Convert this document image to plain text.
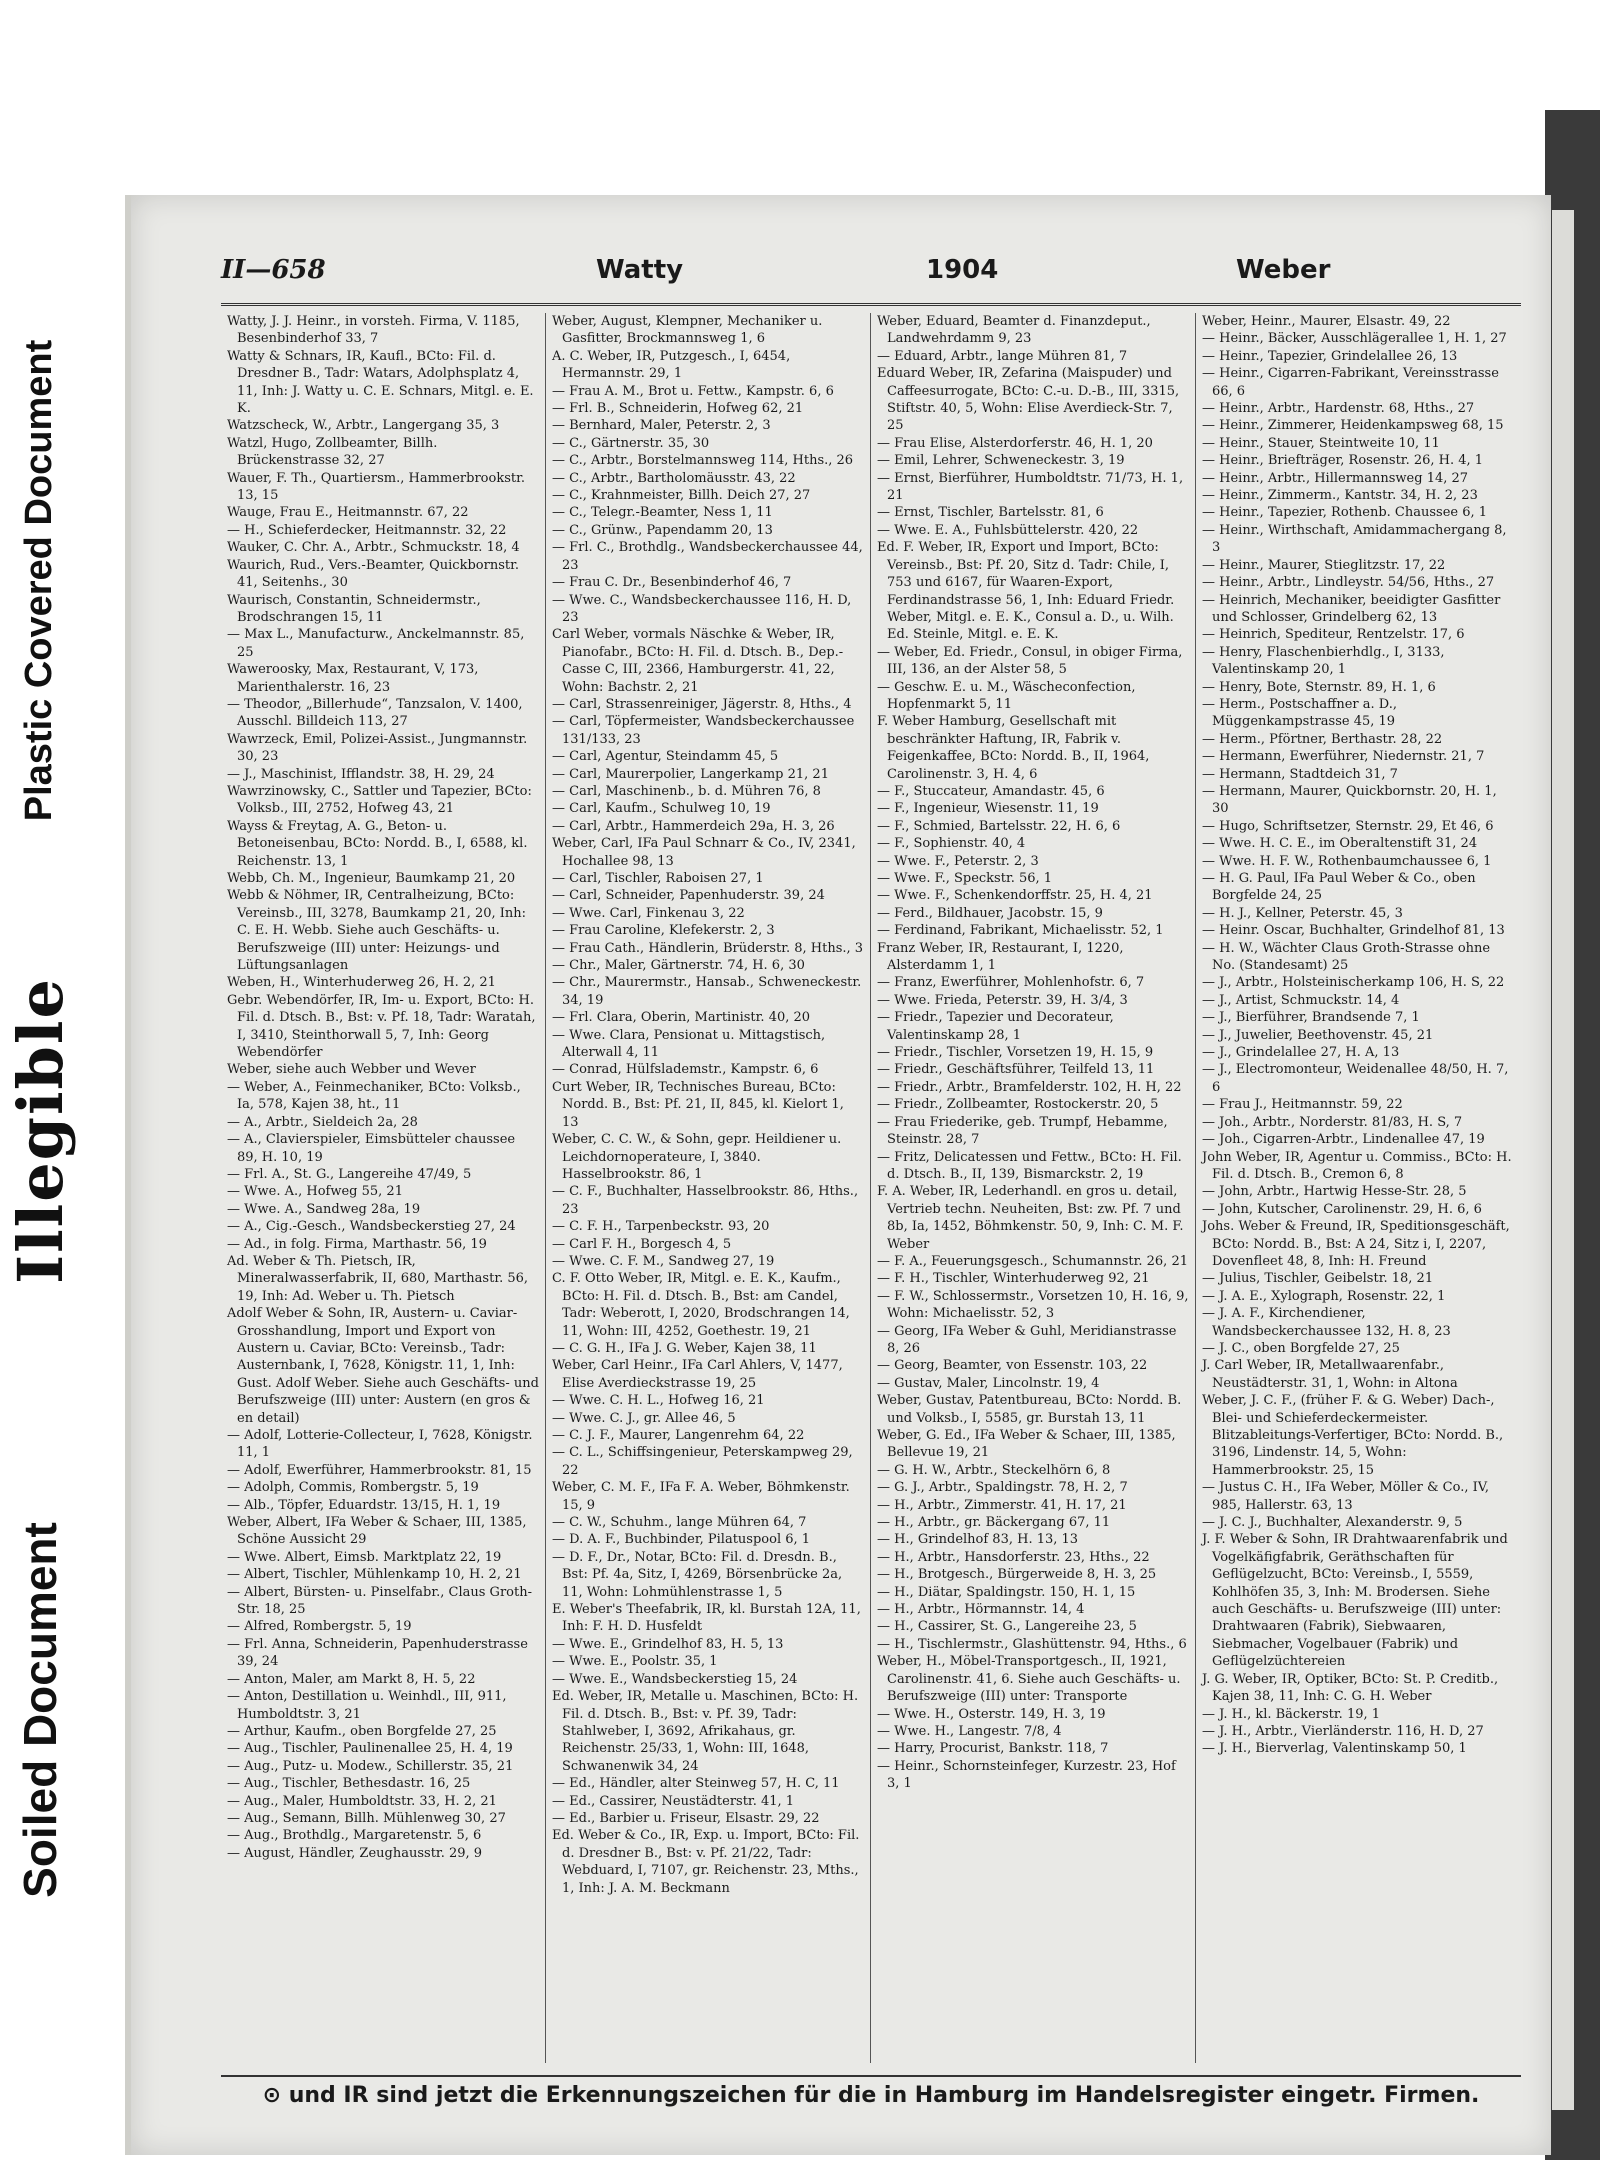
Plastic Covered Document
Illegible
Soiled Document
II—658	Watty	1904	Weber

Watty, J. J. Heinr., in vorsteh. Firma, V. 1185, Besenbinderhof 33, 7

Watty & Schnars, IR, Kaufl., BCto: Fil. d. Dresdner B., Tadr: Watars, Adolphsplatz 4, 11, Inh: J. Watty u. C. E. Schnars, Mitgl. e. E. K.

Watzscheck, W., Arbtr., Langergang 35, 3

Watzl, Hugo, Zollbeamter, Billh. Brückenstrasse 32, 27

Wauer, F. Th., Quartiersm., Hammerbrookstr. 13, 15

Wauge, Frau E., Heitmannstr. 67, 22

— H., Schieferdecker, Heitmannstr. 32, 22

Wauker, C. Chr. A., Arbtr., Schmuckstr. 18, 4

Waurich, Rud., Vers.-Beamter, Quickbornstr. 41, Seitenhs., 30

Waurisch, Constantin, Schneidermstr., Brodschrangen 15, 11

— Max L., Manufacturw., Anckelmannstr. 85, 25

Waweroosky, Max, Restaurant, V, 173, Marienthalerstr. 16, 23

— Theodor, „Billerhude“, Tanzsalon, V. 1400, Ausschl. Billdeich 113, 27

Wawrzeck, Emil, Polizei-Assist., Jungmannstr. 30, 23

— J., Maschinist, Ifflandstr. 38, H. 29, 24

Wawrzinowsky, C., Sattler und Tapezier, BCto: Volksb., III, 2752, Hofweg 43, 21

Wayss & Freytag, A. G., Beton- u. Betoneisenbau, BCto: Nordd. B., I, 6588, kl. Reichenstr. 13, 1

Webb, Ch. M., Ingenieur, Baumkamp 21, 20

Webb & Nöhmer, IR, Centralheizung, BCto: Vereinsb., III, 3278, Baumkamp 21, 20, Inh: C. E. H. Webb. Siehe auch Geschäfts- u. Berufszweige (III) unter: Heizungs- und Lüftungsanlagen

Weben, H., Winterhuderweg 26, H. 2, 21

Gebr. Webendörfer, IR, Im- u. Export, BCto: H. Fil. d. Dtsch. B., Bst: v. Pf. 18, Tadr: Waratah, I, 3410, Steinthorwall 5, 7, Inh: Georg Webendörfer

Weber, siehe auch Webber und Wever

— Weber, A., Feinmechaniker, BCto: Volksb., Ia, 578, Kajen 38, ht., 11

— A., Arbtr., Sieldeich 2a, 28

— A., Clavierspieler, Eimsbütteler chaussee 89, H. 10, 19

— Frl. A., St. G., Langereihe 47/49, 5

— Wwe. A., Hofweg 55, 21

— Wwe. A., Sandweg 28a, 19

— A., Cig.-Gesch., Wandsbeckerstieg 27, 24

— Ad., in folg. Firma, Marthastr. 56, 19

Ad. Weber & Th. Pietsch, IR, Mineralwasserfabrik, II, 680, Marthastr. 56, 19, Inh: Ad. Weber u. Th. Pietsch

Adolf Weber & Sohn, IR, Austern- u. Caviar-Grosshandlung, Import und Export von Austern u. Caviar, BCto: Vereinsb., Tadr: Austernbank, I, 7628, Königstr. 11, 1, Inh: Gust. Adolf Weber. Siehe auch Geschäfts- und Berufszweige (III) unter: Austern (en gros & en detail)

— Adolf, Lotterie-Collecteur, I, 7628, Königstr. 11, 1

— Adolf, Ewerführer, Hammerbrookstr. 81, 15

— Adolph, Commis, Rombergstr. 5, 19

— Alb., Töpfer, Eduardstr. 13/15, H. 1, 19

Weber, Albert, IFa Weber & Schaer, III, 1385, Schöne Aussicht 29

— Wwe. Albert, Eimsb. Marktplatz 22, 19

— Albert, Tischler, Mühlenkamp 10, H. 2, 21

— Albert, Bürsten- u. Pinselfabr., Claus Groth-Str. 18, 25

— Alfred, Rombergstr. 5, 19

— Frl. Anna, Schneiderin, Papenhuderstrasse 39, 24

— Anton, Maler, am Markt 8, H. 5, 22

— Anton, Destillation u. Weinhdl., III, 911, Humboldtstr. 3, 21

— Arthur, Kaufm., oben Borgfelde 27, 25

— Aug., Tischler, Paulinenallee 25, H. 4, 19

— Aug., Putz- u. Modew., Schillerstr. 35, 21

— Aug., Tischler, Bethesdastr. 16, 25

— Aug., Maler, Humboldtstr. 33, H. 2, 21

— Aug., Semann, Billh. Mühlenweg 30, 27

— Aug., Brothdlg., Margaretenstr. 5, 6

— August, Händler, Zeughausstr. 29, 9

Weber, August, Klempner, Mechaniker u. Gasfitter, Brockmannsweg 1, 6

A. C. Weber, IR, Putzgesch., I, 6454, Hermannstr. 29, 1

— Frau A. M., Brot u. Fettw., Kampstr. 6, 6

— Frl. B., Schneiderin, Hofweg 62, 21

— Bernhard, Maler, Peterstr. 2, 3

— C., Gärtnerstr. 35, 30

— C., Arbtr., Borstelmannsweg 114, Hths., 26

— C., Arbtr., Bartholomäusstr. 43, 22

— C., Krahnmeister, Billh. Deich 27, 27

— C., Telegr.-Beamter, Ness 1, 11

— C., Grünw., Papendamm 20, 13

— Frl. C., Brothdlg., Wandsbeckerchaussee 44, 23

— Frau C. Dr., Besenbinderhof 46, 7

— Wwe. C., Wandsbeckerchaussee 116, H. D, 23

Carl Weber, vormals Näschke & Weber, IR, Pianofabr., BCto: H. Fil. d. Dtsch. B., Dep.-Casse C, III, 2366, Hamburgerstr. 41, 22, Wohn: Bachstr. 2, 21

— Carl, Strassenreiniger, Jägerstr. 8, Hths., 4

— Carl, Töpfermeister, Wandsbeckerchaussee 131/133, 23

— Carl, Agentur, Steindamm 45, 5

— Carl, Maurerpolier, Langerkamp 21, 21

— Carl, Maschinenb., b. d. Mühren 76, 8

— Carl, Kaufm., Schulweg 10, 19

— Carl, Arbtr., Hammerdeich 29a, H. 3, 26

Weber, Carl, IFa Paul Schnarr & Co., IV, 2341, Hochallee 98, 13

— Carl, Tischler, Raboisen 27, 1

— Carl, Schneider, Papenhuderstr. 39, 24

— Wwe. Carl, Finkenau 3, 22

— Frau Caroline, Klefekerstr. 2, 3

— Frau Cath., Händlerin, Brüderstr. 8, Hths., 3

— Chr., Maler, Gärtnerstr. 74, H. 6, 30

— Chr., Maurermstr., Hansab., Schweneckestr. 34, 19

— Frl. Clara, Oberin, Martinistr. 40, 20

— Wwe. Clara, Pensionat u. Mittagstisch, Alterwall 4, 11

— Conrad, Hülfslademstr., Kampstr. 6, 6

Curt Weber, IR, Technisches Bureau, BCto: Nordd. B., Bst: Pf. 21, II, 845, kl. Kielort 1, 13

Weber, C. C. W., & Sohn, gepr. Heildiener u. Leichdornoperateure, I, 3840. Hasselbrookstr. 86, 1

— C. F., Buchhalter, Hasselbrookstr. 86, Hths., 23

— C. F. H., Tarpenbeckstr. 93, 20

— Carl F. H., Borgesch 4, 5

— Wwe. C. F. M., Sandweg 27, 19

C. F. Otto Weber, IR, Mitgl. e. E. K., Kaufm., BCto: H. Fil. d. Dtsch. B., Bst: am Candel, Tadr: Weberott, I, 2020, Brodschrangen 14, 11, Wohn: III, 4252, Goethestr. 19, 21

— C. G. H., IFa J. G. Weber, Kajen 38, 11

Weber, Carl Heinr., IFa Carl Ahlers, V, 1477, Elise Averdieckstrasse 19, 25

— Wwe. C. H. L., Hofweg 16, 21

— Wwe. C. J., gr. Allee 46, 5

— C. J. F., Maurer, Langenrehm 64, 22

— C. L., Schiffsingenieur, Peterskampweg 29, 22

Weber, C. M. F., IFa F. A. Weber, Böhmkenstr. 15, 9

— C. W., Schuhm., lange Mühren 64, 7

— D. A. F., Buchbinder, Pilatuspool 6, 1

— D. F., Dr., Notar, BCto: Fil. d. Dresdn. B., Bst: Pf. 4a, Sitz, I, 4269, Börsenbrücke 2a, 11, Wohn: Lohmühlenstrasse 1, 5

E. Weber's Theefabrik, IR, kl. Burstah 12A, 11, Inh: F. H. D. Husfeldt

— Wwe. E., Grindelhof 83, H. 5, 13

— Wwe. E., Poolstr. 35, 1

— Wwe. E., Wandsbeckerstieg 15, 24

Ed. Weber, IR, Metalle u. Maschinen, BCto: H. Fil. d. Dtsch. B., Bst: v. Pf. 39, Tadr: Stahlweber, I, 3692, Afrikahaus, gr. Reichenstr. 25/33, 1, Wohn: III, 1648, Schwanenwik 34, 24

— Ed., Händler, alter Steinweg 57, H. C, 11

— Ed., Cassirer, Neustädterstr. 41, 1

— Ed., Barbier u. Friseur, Elsastr. 29, 22

Ed. Weber & Co., IR, Exp. u. Import, BCto: Fil. d. Dresdner B., Bst: v. Pf. 21/22, Tadr: Webduard, I, 7107, gr. Reichenstr. 23, Mths., 1, Inh: J. A. M. Beckmann

Weber, Eduard, Beamter d. Finanzdeput., Landwehrdamm 9, 23

— Eduard, Arbtr., lange Mühren 81, 7

Eduard Weber, IR, Zefarina (Maispuder) und Caffeesurrogate, BCto: C.-u. D.-B., III, 3315, Stiftstr. 40, 5, Wohn: Elise Averdieck-Str. 7, 25

— Frau Elise, Alsterdorferstr. 46, H. 1, 20

— Emil, Lehrer, Schweneckestr. 3, 19

— Ernst, Bierführer, Humboldtstr. 71/73, H. 1, 21

— Ernst, Tischler, Bartelsstr. 81, 6

— Wwe. E. A., Fuhlsbüttelerstr. 420, 22

Ed. F. Weber, IR, Export und Import, BCto: Vereinsb., Bst: Pf. 20, Sitz d. Tadr: Chile, I, 753 und 6167, für Waaren-Export, Ferdinandstrasse 56, 1, Inh: Eduard Friedr. Weber, Mitgl. e. E. K., Consul a. D., u. Wilh. Ed. Steinle, Mitgl. e. E. K.

— Weber, Ed. Friedr., Consul, in obiger Firma, III, 136, an der Alster 58, 5

— Geschw. E. u. M., Wäscheconfection, Hopfenmarkt 5, 11

F. Weber Hamburg, Gesellschaft mit beschränkter Haftung, IR, Fabrik v. Feigenkaffee, BCto: Nordd. B., II, 1964, Carolinenstr. 3, H. 4, 6

— F., Stuccateur, Amandastr. 45, 6

— F., Ingenieur, Wiesenstr. 11, 19

— F., Schmied, Bartelsstr. 22, H. 6, 6

— F., Sophienstr. 40, 4

— Wwe. F., Peterstr. 2, 3

— Wwe. F., Speckstr. 56, 1

— Wwe. F., Schenkendorffstr. 25, H. 4, 21

— Ferd., Bildhauer, Jacobstr. 15, 9

— Ferdinand, Fabrikant, Michaelisstr. 52, 1

Franz Weber, IR, Restaurant, I, 1220, Alsterdamm 1, 1

— Franz, Ewerführer, Mohlenhofstr. 6, 7

— Wwe. Frieda, Peterstr. 39, H. 3/4, 3

— Friedr., Tapezier und Decorateur, Valentinskamp 28, 1

— Friedr., Tischler, Vorsetzen 19, H. 15, 9

— Friedr., Geschäftsführer, Teilfeld 13, 11

— Friedr., Arbtr., Bramfelderstr. 102, H. H, 22

— Friedr., Zollbeamter, Rostockerstr. 20, 5

— Frau Friederike, geb. Trumpf, Hebamme, Steinstr. 28, 7

— Fritz, Delicatessen und Fettw., BCto: H. Fil. d. Dtsch. B., II, 139, Bismarckstr. 2, 19

F. A. Weber, IR, Lederhandl. en gros u. detail, Vertrieb techn. Neuheiten, Bst: zw. Pf. 7 und 8b, Ia, 1452, Böhmkenstr. 50, 9, Inh: C. M. F. Weber

— F. A., Feuerungsgesch., Schumannstr. 26, 21

— F. H., Tischler, Winterhuderweg 92, 21

— F. W., Schlossermstr., Vorsetzen 10, H. 16, 9, Wohn: Michaelisstr. 52, 3

— Georg, IFa Weber & Guhl, Meridianstrasse 8, 26

— Georg, Beamter, von Essenstr. 103, 22

— Gustav, Maler, Lincolnstr. 19, 4

Weber, Gustav, Patentbureau, BCto: Nordd. B. und Volksb., I, 5585, gr. Burstah 13, 11

Weber, G. Ed., IFa Weber & Schaer, III, 1385, Bellevue 19, 21

— G. H. W., Arbtr., Steckelhörn 6, 8

— G. J., Arbtr., Spaldingstr. 78, H. 2, 7

— H., Arbtr., Zimmerstr. 41, H. 17, 21

— H., Arbtr., gr. Bäckergang 67, 11

— H., Grindelhof 83, H. 13, 13

— H., Arbtr., Hansdorferstr. 23, Hths., 22

— H., Brotgesch., Bürgerweide 8, H. 3, 25

— H., Diätar, Spaldingstr. 150, H. 1, 15

— H., Arbtr., Hörmannstr. 14, 4

— H., Cassirer, St. G., Langereihe 23, 5

— H., Tischlermstr., Glashüttenstr. 94, Hths., 6

Weber, H., Möbel-Transportgesch., II, 1921, Carolinenstr. 41, 6. Siehe auch Geschäfts- u. Berufszweige (III) unter: Transporte

— Wwe. H., Osterstr. 149, H. 3, 19

— Wwe. H., Langestr. 7/8, 4

— Harry, Procurist, Bankstr. 118, 7

— Heinr., Schornsteinfeger, Kurzestr. 23, Hof 3, 1

Weber, Heinr., Maurer, Elsastr. 49, 22

— Heinr., Bäcker, Ausschlägerallee 1, H. 1, 27

— Heinr., Tapezier, Grindelallee 26, 13

— Heinr., Cigarren-Fabrikant, Vereinsstrasse 66, 6

— Heinr., Arbtr., Hardenstr. 68, Hths., 27

— Heinr., Zimmerer, Heidenkampsweg 68, 15

— Heinr., Stauer, Steintweite 10, 11

— Heinr., Briefträger, Rosenstr. 26, H. 4, 1

— Heinr., Arbtr., Hillermannsweg 14, 27

— Heinr., Zimmerm., Kantstr. 34, H. 2, 23

— Heinr., Tapezier, Rothenb. Chaussee 6, 1

— Heinr., Wirthschaft, Amidammachergang 8, 3

— Heinr., Maurer, Stieglitzstr. 17, 22

— Heinr., Arbtr., Lindleystr. 54/56, Hths., 27

— Heinrich, Mechaniker, beeidigter Gasfitter und Schlosser, Grindelberg 62, 13

— Heinrich, Spediteur, Rentzelstr. 17, 6

— Henry, Flaschenbierhdlg., I, 3133, Valentinskamp 20, 1

— Henry, Bote, Sternstr. 89, H. 1, 6

— Herm., Postschaffner a. D., Müggenkampstrasse 45, 19

— Herm., Pförtner, Berthastr. 28, 22

— Hermann, Ewerführer, Niedernstr. 21, 7

— Hermann, Stadtdeich 31, 7

— Hermann, Maurer, Quickbornstr. 20, H. 1, 30

— Hugo, Schriftsetzer, Sternstr. 29, Et 46, 6

— Wwe. H. C. E., im Oberaltenstift 31, 24

— Wwe. H. F. W., Rothenbaumchaussee 6, 1

— H. G. Paul, IFa Paul Weber & Co., oben Borgfelde 24, 25

— H. J., Kellner, Peterstr. 45, 3

— Heinr. Oscar, Buchhalter, Grindelhof 81, 13

— H. W., Wächter Claus Groth-Strasse ohne No. (Standesamt) 25

— J., Arbtr., Holsteinischerkamp 106, H. S, 22

— J., Artist, Schmuckstr. 14, 4

— J., Bierführer, Brandsende 7, 1

— J., Juwelier, Beethovenstr. 45, 21

— J., Grindelallee 27, H. A, 13

— J., Electromonteur, Weidenallee 48/50, H. 7, 6

— Frau J., Heitmannstr. 59, 22

— Joh., Arbtr., Norderstr. 81/83, H. S, 7

— Joh., Cigarren-Arbtr., Lindenallee 47, 19

John Weber, IR, Agentur u. Commiss., BCto: H. Fil. d. Dtsch. B., Cremon 6, 8

— John, Arbtr., Hartwig Hesse-Str. 28, 5

— John, Kutscher, Carolinenstr. 29, H. 6, 6

Johs. Weber & Freund, IR, Speditionsgeschäft, BCto: Nordd. B., Bst: A 24, Sitz i, I, 2207, Dovenfleet 48, 8, Inh: H. Freund

— Julius, Tischler, Geibelstr. 18, 21

— J. A. E., Xylograph, Rosenstr. 22, 1

— J. A. F., Kirchendiener, Wandsbeckerchaussee 132, H. 8, 23

— J. C., oben Borgfelde 27, 25

J. Carl Weber, IR, Metallwaarenfabr., Neustädterstr. 31, 1, Wohn: in Altona

Weber, J. C. F., (früher F. & G. Weber) Dach-, Blei- und Schieferdeckermeister. Blitzableitungs-Verfertiger, BCto: Nordd. B., 3196, Lindenstr. 14, 5, Wohn: Hammerbrookstr. 25, 15

— Justus C. H., IFa Weber, Möller & Co., IV, 985, Hallerstr. 63, 13

— J. C. J., Buchhalter, Alexanderstr. 9, 5

J. F. Weber & Sohn, IR Drahtwaarenfabrik und Vogelkäfigfabrik, Geräthschaften für Geflügelzucht, BCto: Vereinsb., I, 5559, Kohlhöfen 35, 3, Inh: M. Brodersen. Siehe auch Geschäfts- u. Berufszweige (III) unter: Drahtwaaren (Fabrik), Siebwaaren, Siebmacher, Vogelbauer (Fabrik) und Geflügelzüchtereien

J. G. Weber, IR, Optiker, BCto: St. P. Creditb., Kajen 38, 11, Inh: C. G. H. Weber

— J. H., kl. Bäckerstr. 19, 1

— J. H., Arbtr., Vierländerstr. 116, H. D, 27

— J. H., Bierverlag, Valentinskamp 50, 1

⊙ und IR sind jetzt die Erkennungszeichen für die in Hamburg im Handelsregister eingetr. Firmen.
